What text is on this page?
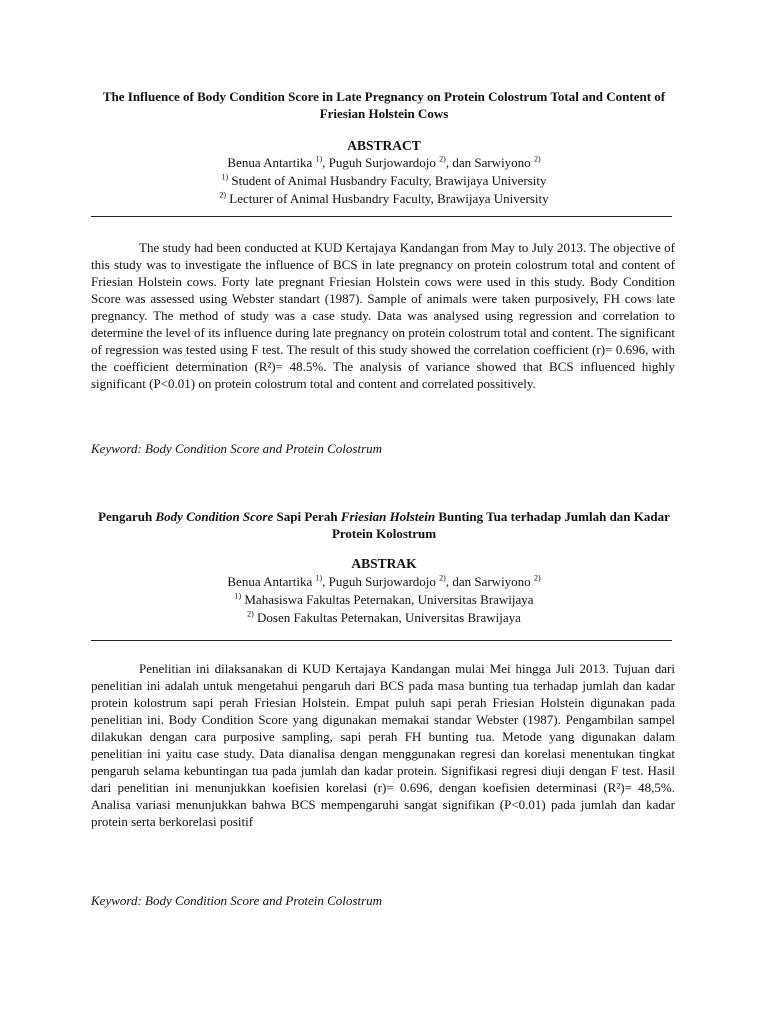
The Influence of Body Condition Score in Late Pregnancy on Protein Colostrum Total and Content of Friesian Holstein Cows

ABSTRACT

Benua Antartika $^{1)}$, Puguh Surjowardojo $^{2)}$, dan Sarwiyono $^{2)}$
$^{1)}$ Student of Animal Husbandry Faculty, Brawijaya University
$^{2)}$ Lecturer of Animal Husbandry Faculty, Brawijaya University

The study had been conducted at KUD Kertajaya Kandangan from May to July 2013. The objective of this study was to investigate the influence of BCS in late pregnancy on protein colostrum total and content of Friesian Holstein cows. Forty late pregnant Friesian Holstein cows were used in this study. Body Condition Score was assessed using Webster standart (1987). Sample of animals were taken purposively, FH cows late pregnancy. The method of study was a case study. Data was analysed using regression and correlation to determine the level of its influence during late pregnancy on protein colostrum total and content. The significant of regression was tested using F test. The result of this study showed the correlation coefficient (r)= 0.696, with the coefficient determination (R²)= 48.5%. The analysis of variance showed that BCS influenced highly significant (P<0.01) on protein colostrum total and content and correlated possitively.

Keyword: Body Condition Score and Protein Colostrum

Pengaruh Body Condition Score Sapi Perah Friesian Holstein Bunting Tua terhadap Jumlah dan Kadar Protein Kolostrum

ABSTRAK

Benua Antartika $^{1)}$, Puguh Surjowardojo $^{2)}$, dan Sarwiyono $^{2)}$
$^{1)}$ Mahasiswa Fakultas Peternakan, Universitas Brawijaya
$^{2)}$ Dosen Fakultas Peternakan, Universitas Brawijaya

Penelitian ini dilaksanakan di KUD Kertajaya Kandangan mulai Mei hingga Juli 2013. Tujuan dari penelitian ini adalah untuk mengetahui pengaruh dari BCS pada masa bunting tua terhadap jumlah dan kadar protein kolostrum sapi perah Friesian Holstein. Empat puluh sapi perah Friesian Holstein digunakan pada penelitian ini. Body Condition Score yang digunakan memakai standar Webster (1987). Pengambilan sampel dilakukan dengan cara purposive sampling, sapi perah FH bunting tua. Metode yang digunakan dalam penelitian ini yaitu case study. Data dianalisa dengan menggunakan regresi dan korelasi menentukan tingkat pengaruh selama kebuntingan tua pada jumlah dan kadar protein. Signifikasi regresi diuji dengan F test. Hasil dari penelitian ini menunjukkan koefisien korelasi (r)= 0.696, dengan koefisien determinasi (R²)= 48,5%. Analisa variasi menunjukkan bahwa BCS mempengaruhi sangat signifikan (P<0.01) pada jumlah dan kadar protein serta berkorelasi positif

Keyword: Body Condition Score and Protein Colostrum
